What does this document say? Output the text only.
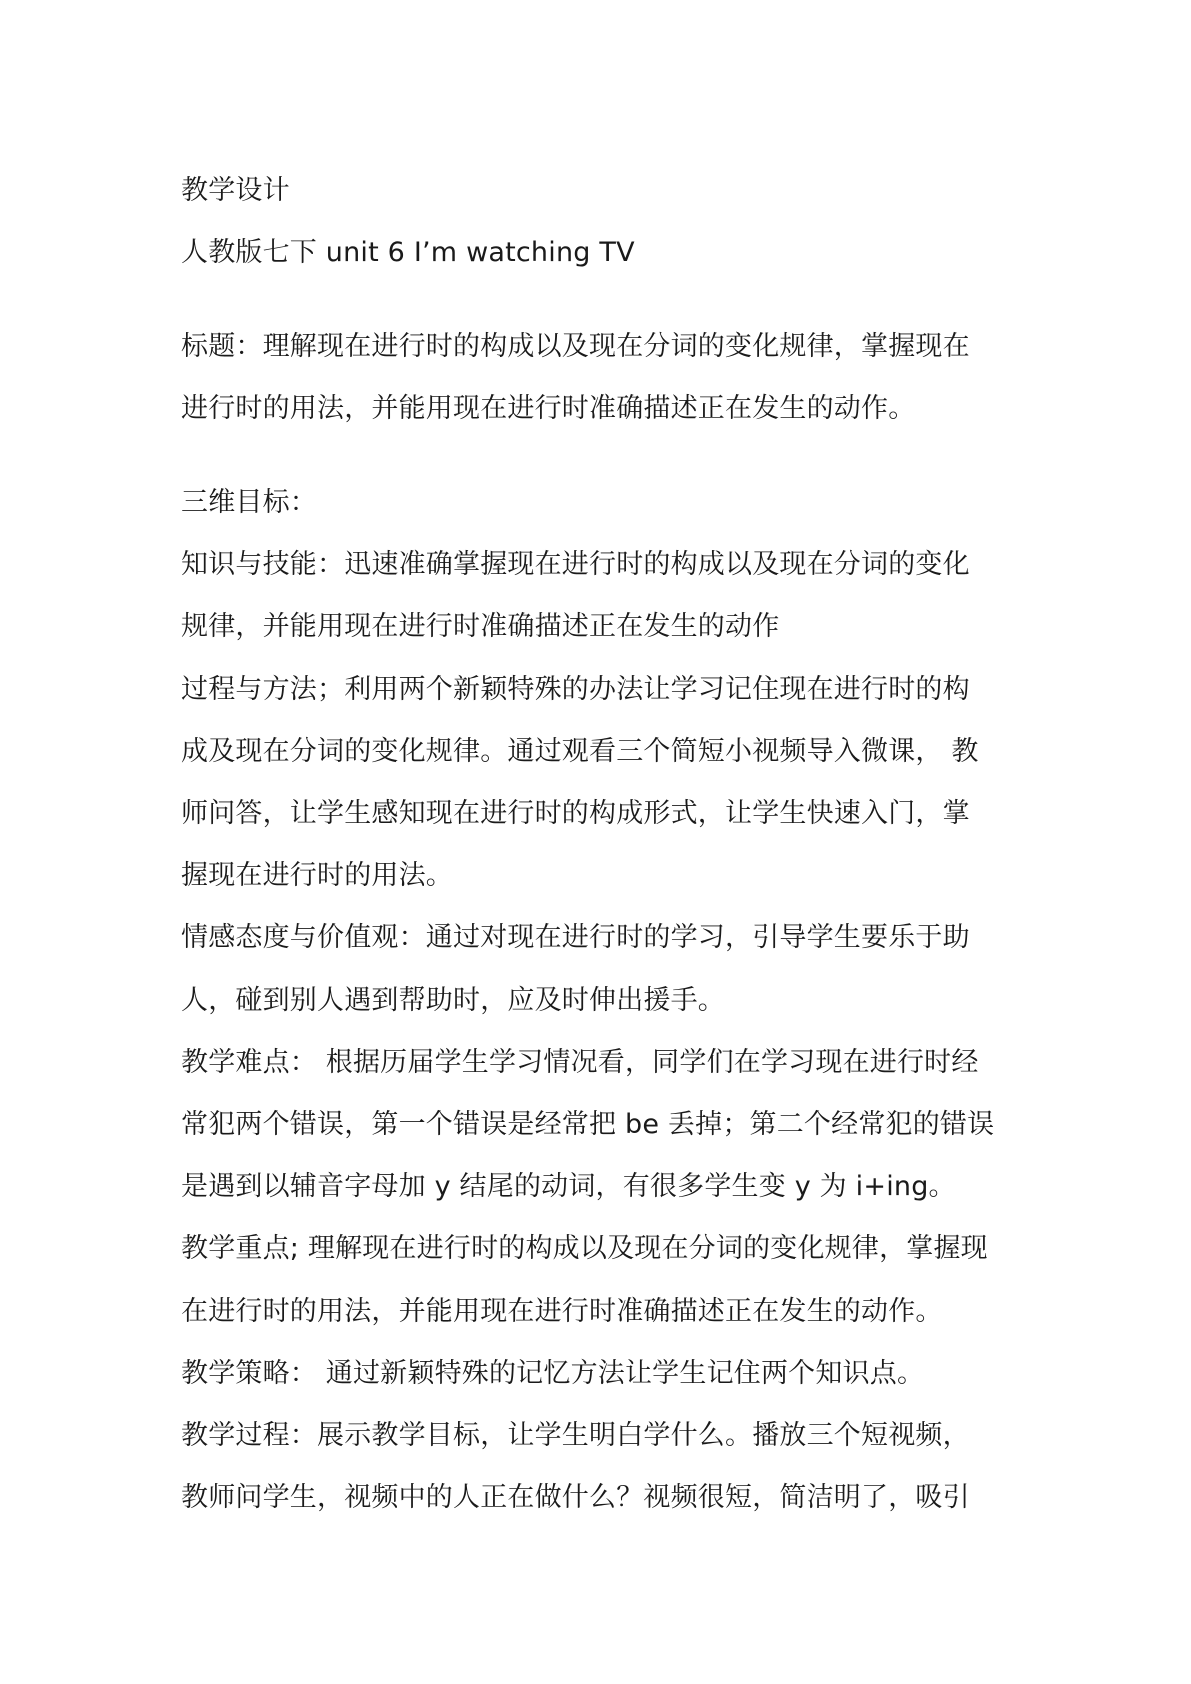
教学设计
人教版七下 unit 6 I’m watching TV
标题：理解现在进行时的构成以及现在分词的变化规律，掌握现在
进行时的用法，并能用现在进行时准确描述正在发生的动作。
三维目标：
知识与技能：迅速准确掌握现在进行时的构成以及现在分词的变化
规律，并能用现在进行时准确描述正在发生的动作
过程与方法；利用两个新颖特殊的办法让学习记住现在进行时的构
成及现在分词的变化规律。通过观看三个简短小视频导入微课， 教
师问答，让学生感知现在进行时的构成形式，让学生快速入门，掌
握现在进行时的用法。
情感态度与价值观：通过对现在进行时的学习，引导学生要乐于助
人，碰到别人遇到帮助时，应及时伸出援手。
教学难点： 根据历届学生学习情况看，同学们在学习现在进行时经
常犯两个错误，第一个错误是经常把 be 丢掉；第二个经常犯的错误
是遇到以辅音字母加 y 结尾的动词，有很多学生变 y 为 i+ing。
教学重点; 理解现在进行时的构成以及现在分词的变化规律，掌握现
在进行时的用法，并能用现在进行时准确描述正在发生的动作。
教学策略： 通过新颖特殊的记忆方法让学生记住两个知识点。
教学过程：展示教学目标，让学生明白学什么。播放三个短视频，
教师问学生，视频中的人正在做什么？视频很短，简洁明了，吸引
